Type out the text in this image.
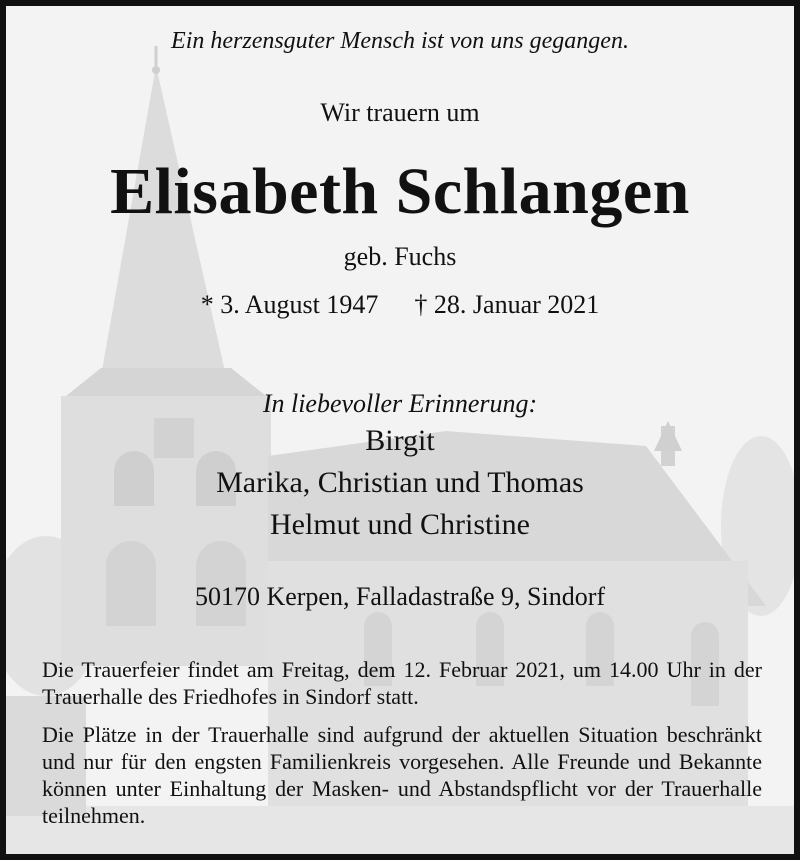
Ein herzensguter Mensch ist von uns gegangen.
Wir trauern um
Elisabeth Schlangen
geb. Fuchs
* 3. August 1947 † 28. Januar 2021
In liebevoller Erinnerung:
Birgit
Marika, Christian und Thomas
Helmut und Christine
50170 Kerpen, Falladastraße 9, Sindorf
Die Trauerfeier findet am Freitag, dem 12. Februar 2021, um 14.00 Uhr in der Trauerhalle des Friedhofes in Sindorf statt.
Die Plätze in der Trauerhalle sind aufgrund der aktuellen Situation beschränkt und nur für den engsten Familienkreis vorgesehen. Alle Freunde und Bekannte können unter Einhaltung der Masken- und Abstandspflicht vor der Trauerhalle teilnehmen.
